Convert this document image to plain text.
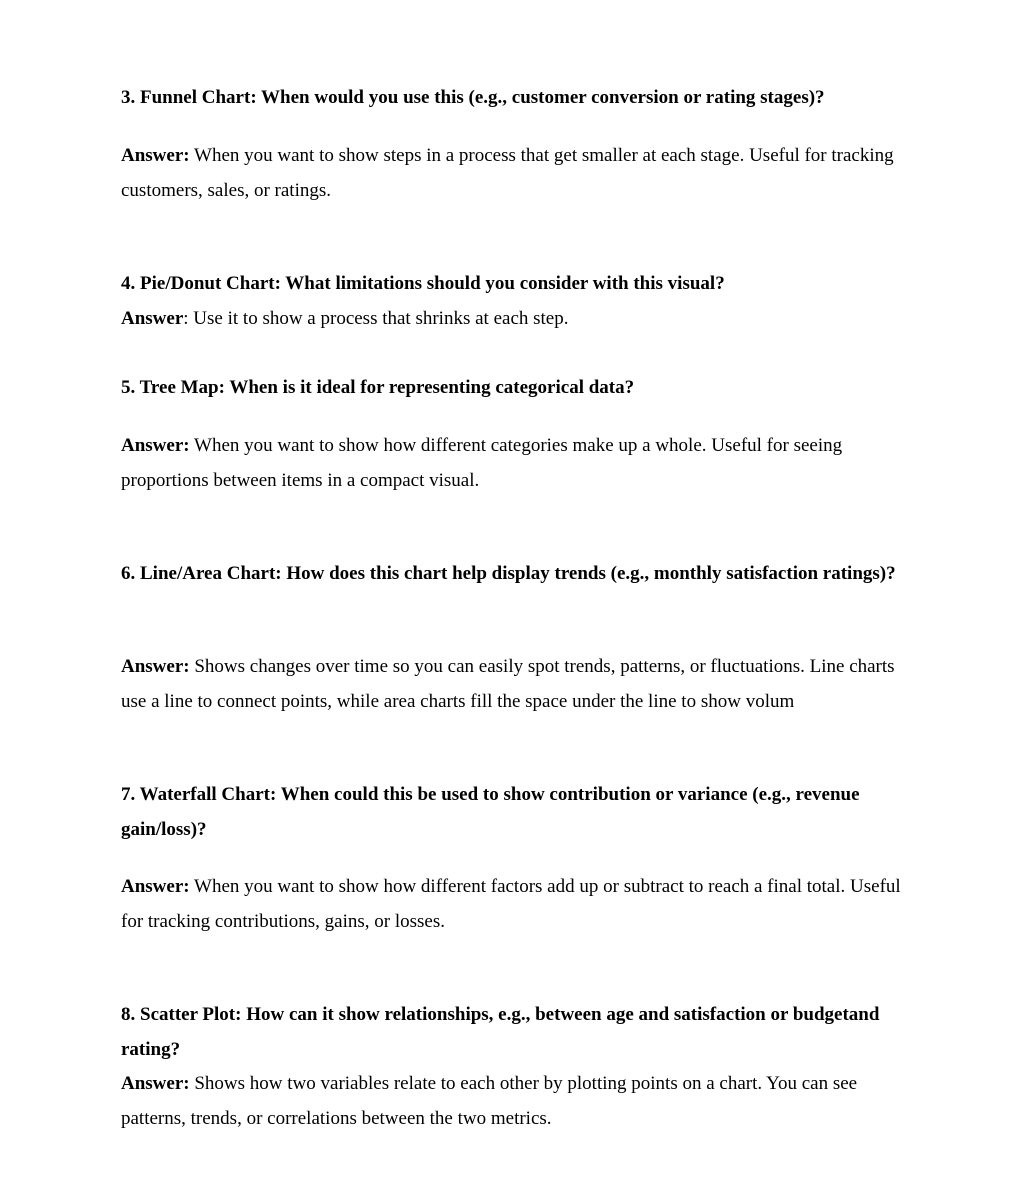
3. Funnel Chart: When would you use this (e.g., customer conversion or rating stages)?

Answer: When you want to show steps in a process that get smaller at each stage. Useful for tracking customers, sales, or ratings.

4. Pie/Donut Chart: What limitations should you consider with this visual?

Answer: Use it to show a process that shrinks at each step.

5. Tree Map: When is it ideal for representing categorical data?

Answer: When you want to show how different categories make up a whole. Useful for seeing proportions between items in a compact visual.

6. Line/Area Chart: How does this chart help display trends (e.g., monthly satisfaction ratings)?

Answer: Shows changes over time so you can easily spot trends, patterns, or fluctuations. Line charts use a line to connect points, while area charts fill the space under the line to show volum

7. Waterfall Chart: When could this be used to show contribution or variance (e.g., revenue gain/loss)?

Answer: When you want to show how different factors add up or subtract to reach a final total. Useful for tracking contributions, gains, or losses.

8. Scatter Plot: How can it show relationships, e.g., between age and satisfaction or budgetand rating?

Answer: Shows how two variables relate to each other by plotting points on a chart. You can see patterns, trends, or correlations between the two metrics.
